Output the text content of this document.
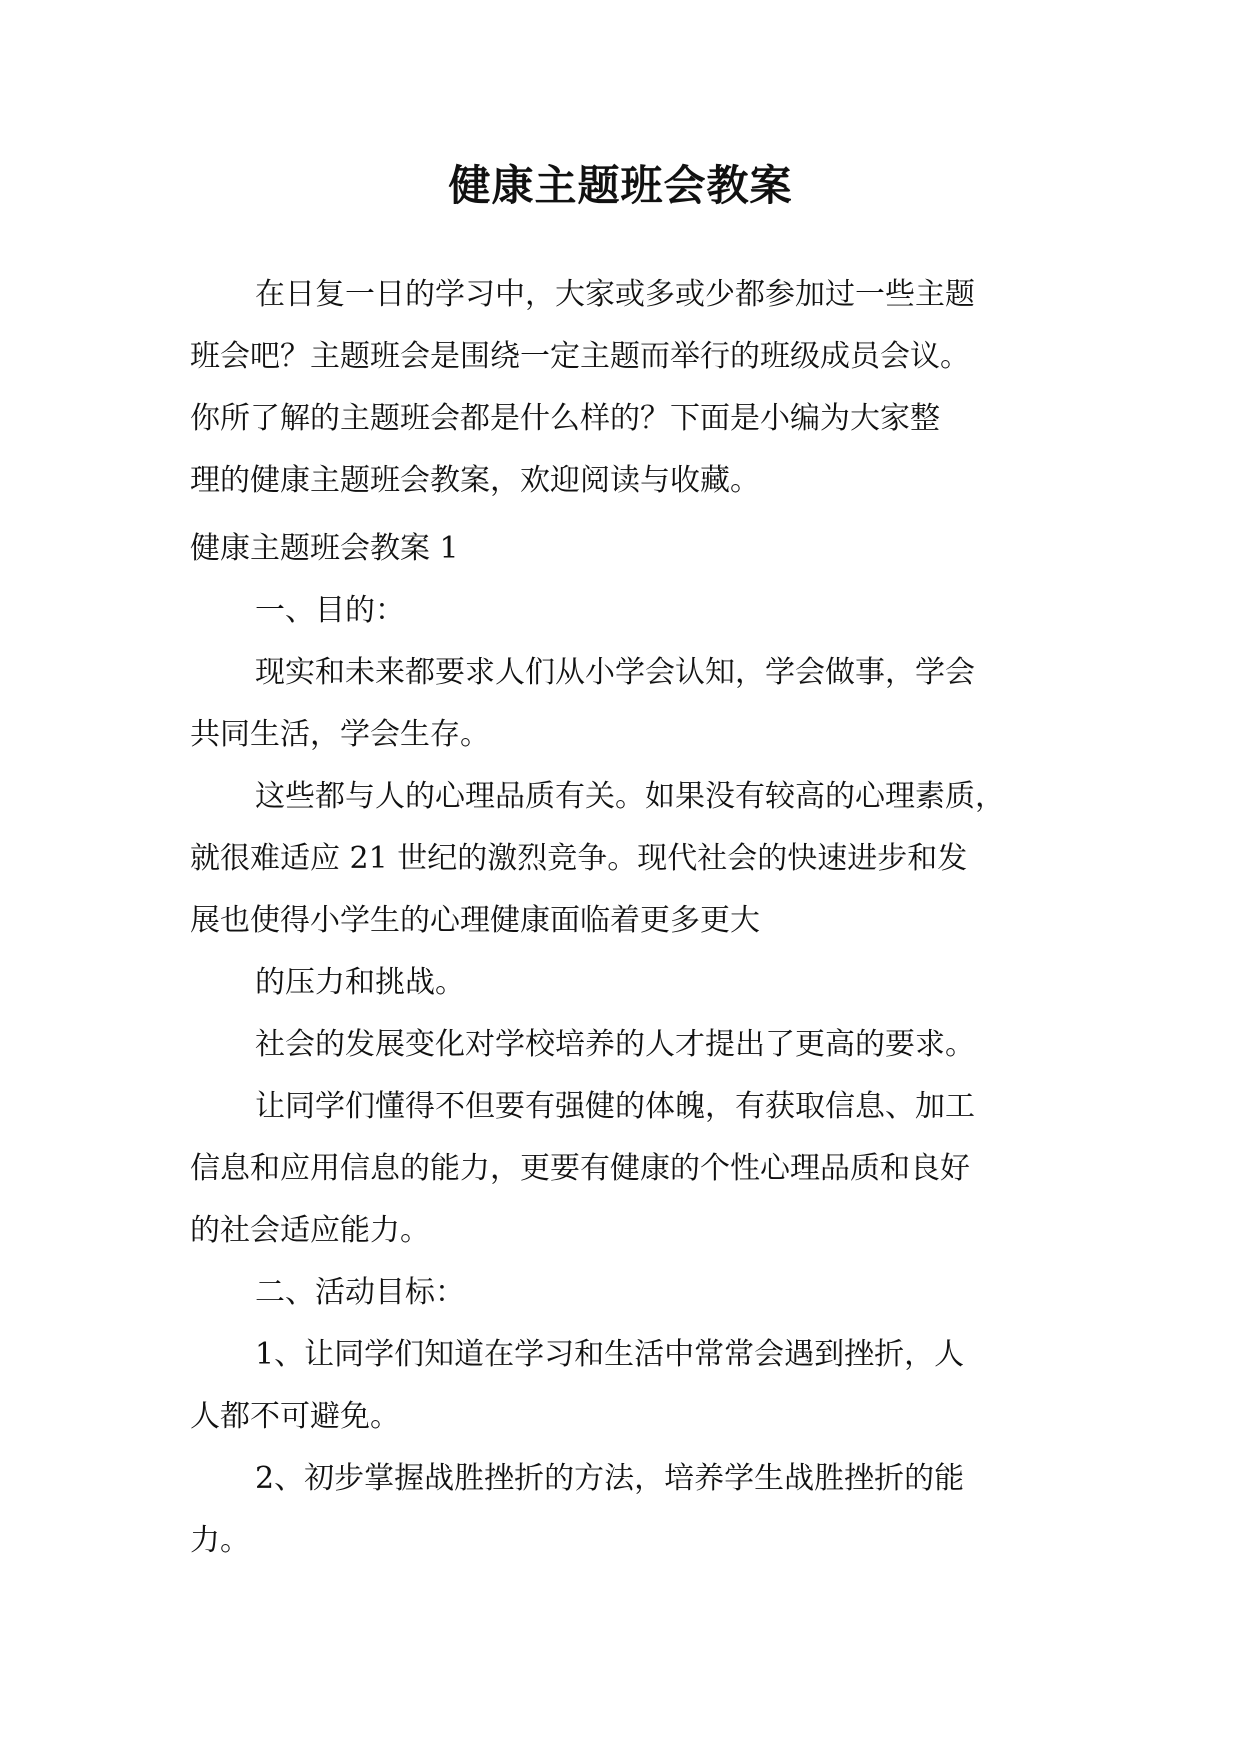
健康主题班会教案
在日复一日的学习中，大家或多或少都参加过一些主题
班会吧？主题班会是围绕一定主题而举行的班级成员会议。
你所了解的主题班会都是什么样的？下面是小编为大家整
理的健康主题班会教案，欢迎阅读与收藏。
健康主题班会教案 1
一、目的：
现实和未来都要求人们从小学会认知，学会做事，学会
共同生活，学会生存。
这些都与人的心理品质有关。如果没有较高的心理素质，
就很难适应 21 世纪的激烈竞争。现代社会的快速进步和发
展也使得小学生的心理健康面临着更多更大
的压力和挑战。
社会的发展变化对学校培养的人才提出了更高的要求。
让同学们懂得不但要有强健的体魄，有获取信息、加工
信息和应用信息的能力，更要有健康的个性心理品质和良好
的社会适应能力。
二、活动目标：
1、让同学们知道在学习和生活中常常会遇到挫折，人
人都不可避免。
2、初步掌握战胜挫折的方法，培养学生战胜挫折的能
力。
